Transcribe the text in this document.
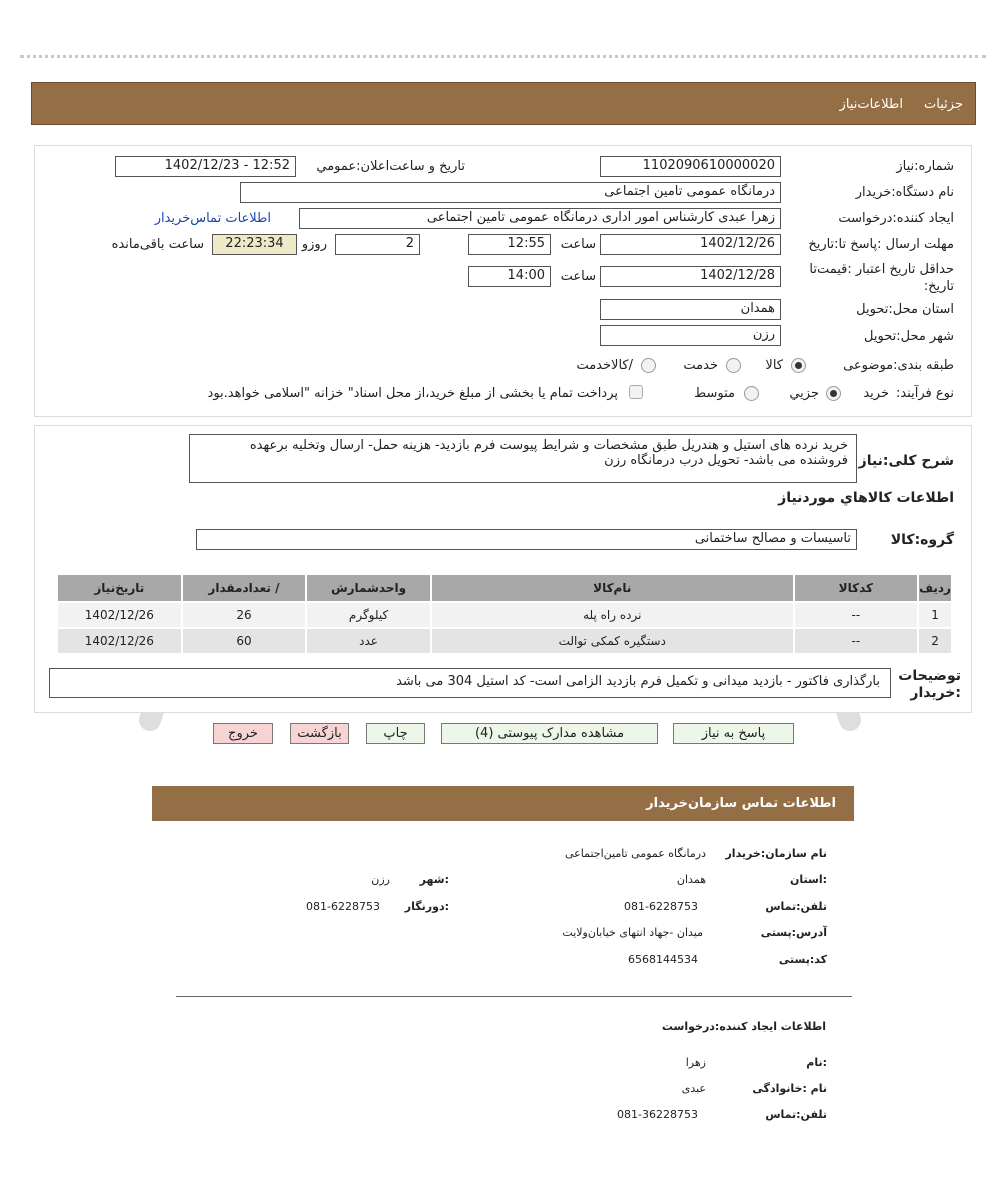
جزئیات
اطلاعات‌نیاز
شماره:نیاز
1102090610000020
تاریخ و ساعت‌اعلان:عمومي
1402/12/23 - 12:52
نام دستگاه:خریدار
درمانگاه عمومی تامین اجتماعی
ایجاد کننده:درخواست
زهرا عبدی کارشناس امور اداری درمانگاه عمومی تامین اجتماعی
اطلاعات تماس‌خریدار
مهلت ارسال :پاسخ تا:تاریخ
1402/12/26
ساعت
12:55
2
روزو
22:23:34
ساعت باقی‌مانده
حداقل تاریخ اعتبار :قیمت‌تا تاریخ:
1402/12/28
ساعت
14:00
استان محل:تحویل
همدان
شهر محل:تحویل
رزن
طبقه بندی:موضوعی
کالا
خدمت
/کالاخدمت
نوع فرآیند:
خرید
جزيي
متوسط
پرداخت تمام یا بخشی از مبلغ خرید،از محل اسناد" خزانه "اسلامی خواهد.بود
شرح کلی:نیاز
خرید نرده های استیل و هندریل طبق مشخصات و شرایط پیوست فرم بازدید- هزینه حمل- ارسال وتخلیه برعهده فروشنده می باشد- تحویل درب درمانگاه رزن
اطلاعات کالاهاي مورد‌نیاز
گروه:کالا
تاسیسات و مصالح ساختمانی
توضیحات :خریدار
بارگذاری فاکتور - بازدید میدانی و تکمیل فرم بازدید الزامی است- کد استیل 304 می باشد
ردیف	کدکالا	نام‌کالا	واحدشمارش	/ تعدادمقدار	تاریخ‌نیاز
1	--	نرده راه پله	کیلوگرم	26	1402/12/26
2	--	دستگیره کمکی توالت	عدد	60	1402/12/26
پاسخ به نیاز
مشاهده مدارک پیوستی (4)
چاپ
بازگشت
خروج
اطلاعات تماس سازمان‌خریدار
نام سازمان:خریدار
درمانگاه عمومی تامین‌اجتماعی
:استان
همدان
:شهر
رزن
تلفن:تماس
081-6228753
:دورنگار
081-6228753
آدرس:پستی
میدان -جهاد انتهای خیابان‌ولایت
کد:پستی
6568144534
اطلاعات ایجاد کننده:درخواست
:نام
زهرا
نام :خانوادگی
عبدی
تلفن:تماس
081-36228753
